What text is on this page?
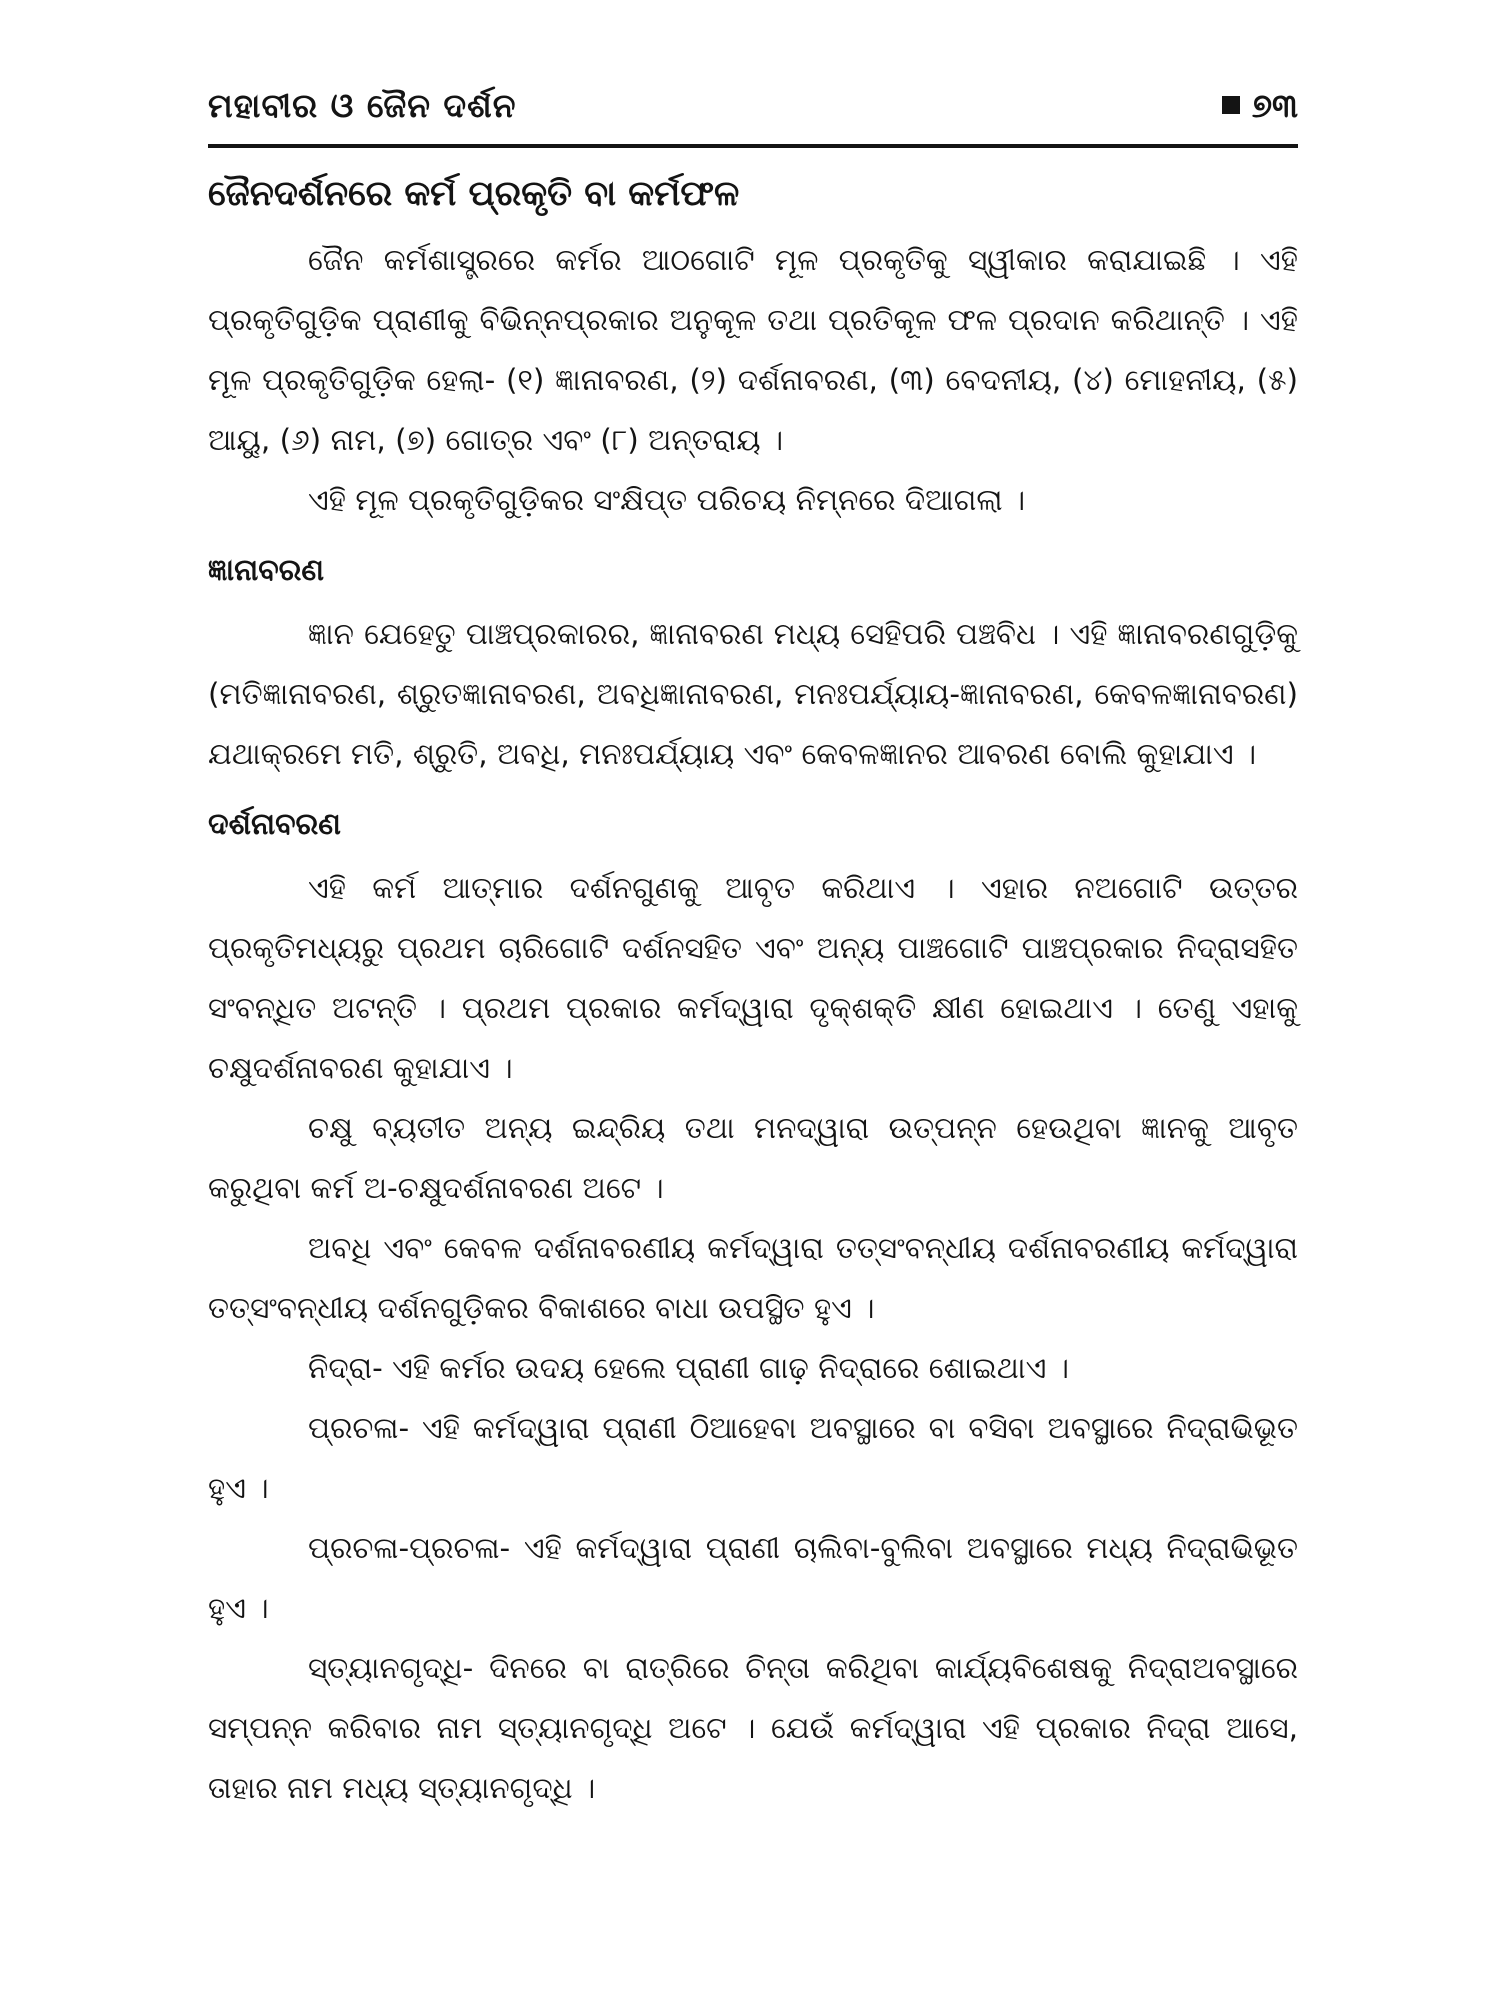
ମହାବୀର ଓ ଜୈନ ଦର୍ଶନ	୭୩
ଜୈନଦର୍ଶନରେ କର୍ମ ପ୍ରକୃତି ବା କର୍ମଫଳ

ଜୈନ କର୍ମଶାସ୍ତ୍ରରେ କର୍ମର ଆଠଗୋଟି ମୂଳ ପ୍ରକୃତିକୁ ସ୍ୱୀକାର କରାଯାଇଛି । ଏହି ପ୍ରକୃତିଗୁଡ଼ିକ ପ୍ରାଣୀକୁ ବିଭିନ୍ନପ୍ରକାର ଅନୁକୂଳ ତଥା ପ୍ରତିକୂଳ ଫଳ ପ୍ରଦାନ କରିଥାନ୍ତି । ଏହି ମୂଳ ପ୍ରକୃତିଗୁଡ଼ିକ ହେଲା- (୧) ଜ୍ଞାନାବରଣ, (୨) ଦର୍ଶନାବରଣ, (୩) ବେଦନୀୟ, (୪) ମୋହନୀୟ, (୫) ଆୟୁ, (୬) ନାମ, (୭) ଗୋତ୍ର ଏବଂ (୮) ଅନ୍ତରାୟ ।

ଏହି ମୂଳ ପ୍ରକୃତିଗୁଡ଼ିକର ସଂକ୍ଷିପ୍ତ ପରିଚୟ ନିମ୍ନରେ ଦିଆଗଲା ।

ଜ୍ଞାନାବରଣ

ଜ୍ଞାନ ଯେହେତୁ ପାଞ୍ଚପ୍ରକାରର, ଜ୍ଞାନାବରଣ ମଧ୍ୟ ସେହିପରି ପଞ୍ଚବିଧ । ଏହି ଜ୍ଞାନାବରଣଗୁଡ଼ିକୁ (ମତିଜ୍ଞାନାବରଣ, ଶ୍ରୁତଜ୍ଞାନାବରଣ, ଅବଧିଜ୍ଞାନାବରଣ, ମନଃପର୍ଯ୍ୟାୟ-ଜ୍ଞାନାବରଣ, କେବଳଜ୍ଞାନାବରଣ) ଯଥାକ୍ରମେ ମତି, ଶ୍ରୁତି, ଅବଧି, ମନଃପର୍ଯ୍ୟାୟ ଏବଂ କେବଳଜ୍ଞାନର ଆବରଣ ବୋଲି କୁହାଯାଏ ।

ଦର୍ଶନାବରଣ

ଏହି କର୍ମ ଆତ୍ମାର ଦର୍ଶନଗୁଣକୁ ଆବୃତ କରିଥାଏ । ଏହାର ନଅଗୋଟି ଉତ୍ତର ପ୍ରକୃତିମଧ୍ୟରୁ ପ୍ରଥମ ଚାରିଗୋଟି ଦର୍ଶନସହିତ ଏବଂ ଅନ୍ୟ ପାଞ୍ଚଗୋଟି ପାଞ୍ଚପ୍ରକାର ନିଦ୍ରାସହିତ ସଂବନ୍ଧିତ ଅଟନ୍ତି । ପ୍ରଥମ ପ୍ରକାର କର୍ମଦ୍ୱାରା ଦୃକ୍‌ଶକ୍ତି କ୍ଷୀଣ ହୋଇଥାଏ । ତେଣୁ ଏହାକୁ ଚକ୍ଷୁଦର୍ଶନାବରଣ କୁହାଯାଏ ।

ଚକ୍ଷୁ ବ୍ୟତୀତ ଅନ୍ୟ ଇନ୍ଦ୍ରିୟ ତଥା ମନଦ୍ୱାରା ଉତ୍ପନ୍ନ ହେଉଥିବା ଜ୍ଞାନକୁ ଆବୃତ କରୁଥିବା କର୍ମ ଅ-ଚକ୍ଷୁଦର୍ଶନାବରଣ ଅଟେ ।

ଅବଧି ଏବଂ କେବଳ ଦର୍ଶନାବରଣୀୟ କର୍ମଦ୍ୱାରା ତତ୍‌ସଂବନ୍ଧୀୟ ଦର୍ଶନାବରଣୀୟ କର୍ମଦ୍ୱାରା ତତ୍‌ସଂବନ୍ଧୀୟ ଦର୍ଶନଗୁଡ଼ିକର ବିକାଶରେ ବାଧା ଉପସ୍ଥିତ ହୁଏ ।

ନିଦ୍ରା- ଏହି କର୍ମର ଉଦୟ ହେଲେ ପ୍ରାଣୀ ଗାଢ଼ ନିଦ୍ରାରେ ଶୋଇଥାଏ ।

ପ୍ରଚଳା- ଏହି କର୍ମଦ୍ୱାରା ପ୍ରାଣୀ ଠିଆହେବା ଅବସ୍ଥାରେ ବା ବସିବା ଅବସ୍ଥାରେ ନିଦ୍ରାଭିଭୂତ ହୁଏ ।

ପ୍ରଚଳା-ପ୍ରଚଳା- ଏହି କର୍ମଦ୍ୱାରା ପ୍ରାଣୀ ଚାଲିବା-ବୁଲିବା ଅବସ୍ଥାରେ ମଧ୍ୟ ନିଦ୍ରାଭିଭୂତ ହୁଏ ।

ସ୍ତ୍ୟାନଗୃଦ୍ଧି- ଦିନରେ ବା ରାତ୍ରିରେ ଚିନ୍ତା କରିଥିବା କାର୍ଯ୍ୟବିଶେଷକୁ ନିଦ୍ରାଅବସ୍ଥାରେ ସମ୍ପନ୍ନ କରିବାର ନାମ ସ୍ତ୍ୟାନଗୃଦ୍ଧି ଅଟେ । ଯେଉଁ କର୍ମଦ୍ୱାରା ଏହି ପ୍ରକାର ନିଦ୍ରା ଆସେ, ତାହାର ନାମ ମଧ୍ୟ ସ୍ତ୍ୟାନଗୃଦ୍ଧି ।
